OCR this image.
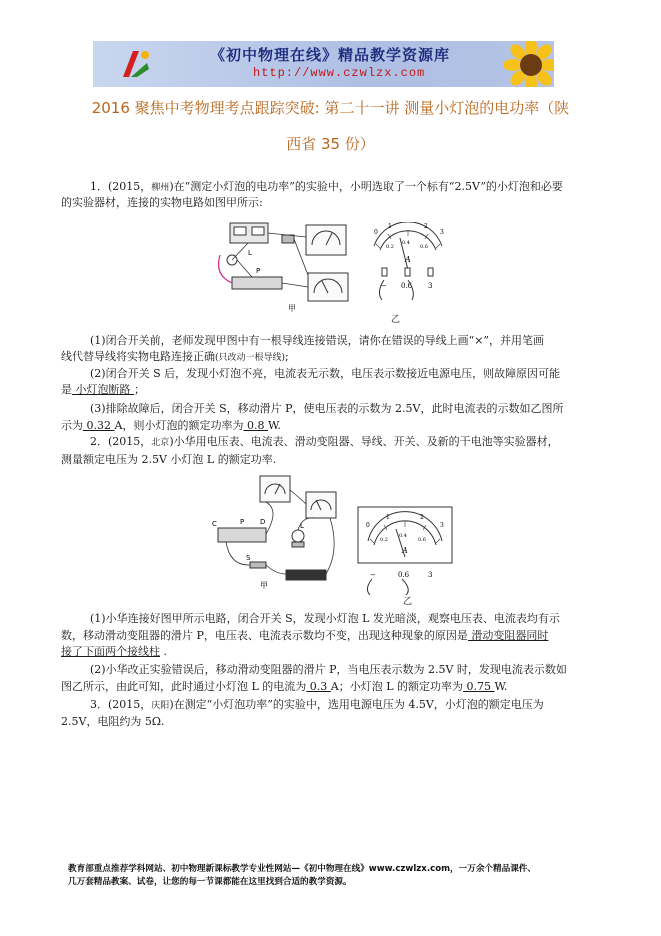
《初中物理在线》精品教学资源库
http://www.czwlzx.com
2016 聚焦中考物理考点跟踪突破: 第二十一讲 测量小灯泡的电功率（陕
西省 35 份）
1．(2015，柳州)在“测定小灯泡的电功率”的实验中，小明选取了一个标有“2.5V”的小灯泡和必要
的实验器材，连接的实物电路如图甲所示:
P
L
甲
0
1	2
3
0.2
0.4
0.6
A
− 0.6 3
乙
(1)闭合开关前，老师发现甲图中有一根导线连接错误，请你在错误的导线上画“×”，并用笔画
线代替导线将实物电路连接正确(只改动一根导线);
(2)闭合开关 S 后，发现小灯泡不亮，电流表无示数，电压表示数接近电源电压，则故障原因可能
是 小灯泡断路 ；
(3)排除故障后，闭合开关 S，移动滑片 P，使电压表的示数为 2.5V，此时电流表的示数如乙图所
示为 0.32 A，则小灯泡的额定功率为 0.8 W.
2．(2015，北京)小华用电压表、电流表、滑动变阻器、导线、开关、及新的干电池等实验器材，
测量额定电压为 2.5V 小灯泡 L 的额定功率.
C	P D	L
S
甲
0
1	2
3
0.2
0.4
0.6
A
−	0.6	3
乙
(1)小华连接好图甲所示电路，闭合开关 S，发现小灯泡 L 发光暗淡，观察电压表、电流表均有示
数，移动滑动变阻器的滑片 P，电压表、电流表示数均不变，出现这种现象的原因是 滑动变阻器同时
接了下面两个接线柱 .
(2)小华改正实验错误后，移动滑动变阻器的滑片 P，当电压表示数为 2.5V 时，发现电流表示数如
图乙所示，由此可知，此时通过小灯泡 L 的电流为 0.3 A；小灯泡 L 的额定功率为 0.75 W.
3．(2015，庆阳)在测定“小灯泡功率”的实验中，选用电源电压为 4.5V，小灯泡的额定电压为
2.5V，电阻约为 5Ω.
教育部重点推荐学科网站、初中物理新课标教学专业性网站—《初中物理在线》www.czwlzx.com，一万余个精品课件、
几万套精品教案、试卷，让您的每一节课都能在这里找到合适的教学资源。
